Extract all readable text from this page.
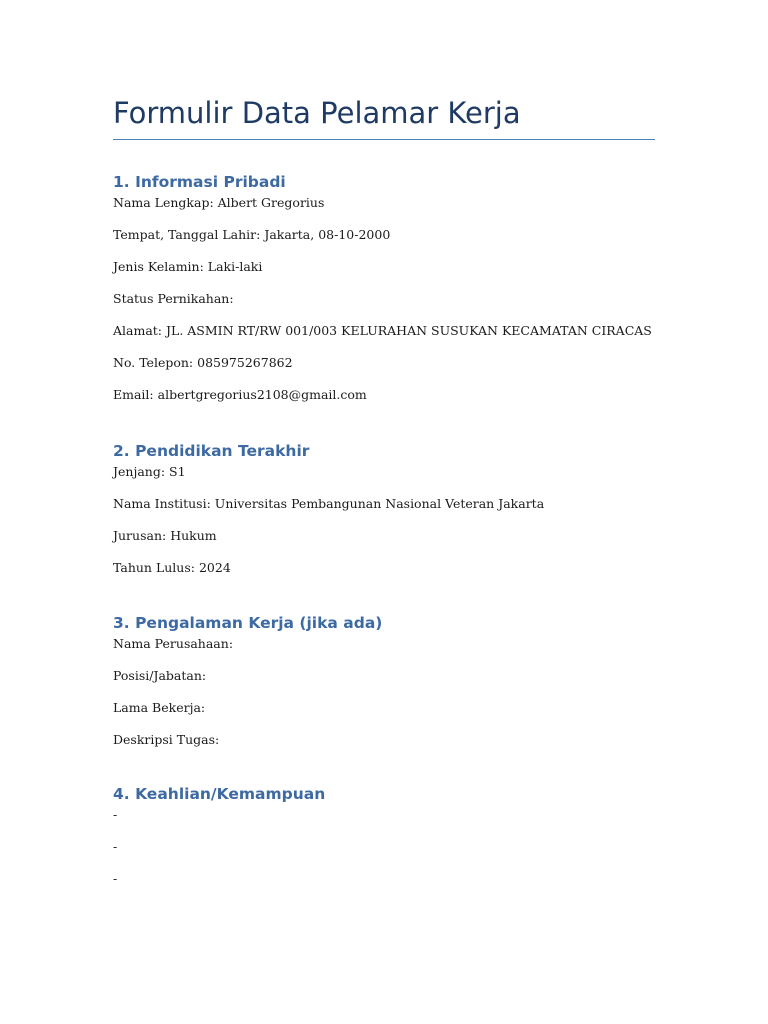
Formulir Data Pelamar Kerja
1. Informasi Pribadi

Nama Lengkap: Albert Gregorius

Tempat, Tanggal Lahir: Jakarta, 08-10-2000

Jenis Kelamin: Laki-laki

Status Pernikahan:

Alamat: JL. ASMIN RT/RW 001/003 KELURAHAN SUSUKAN KECAMATAN CIRACAS

No. Telepon: 085975267862

Email: albertgregorius2108@gmail.com

2. Pendidikan Terakhir

Jenjang: S1

Nama Institusi: Universitas Pembangunan Nasional Veteran Jakarta

Jurusan: Hukum

Tahun Lulus: 2024

3. Pengalaman Kerja (jika ada)

Nama Perusahaan:

Posisi/Jabatan:

Lama Bekerja:

Deskripsi Tugas:

4. Keahlian/Kemampuan

-

-

-
